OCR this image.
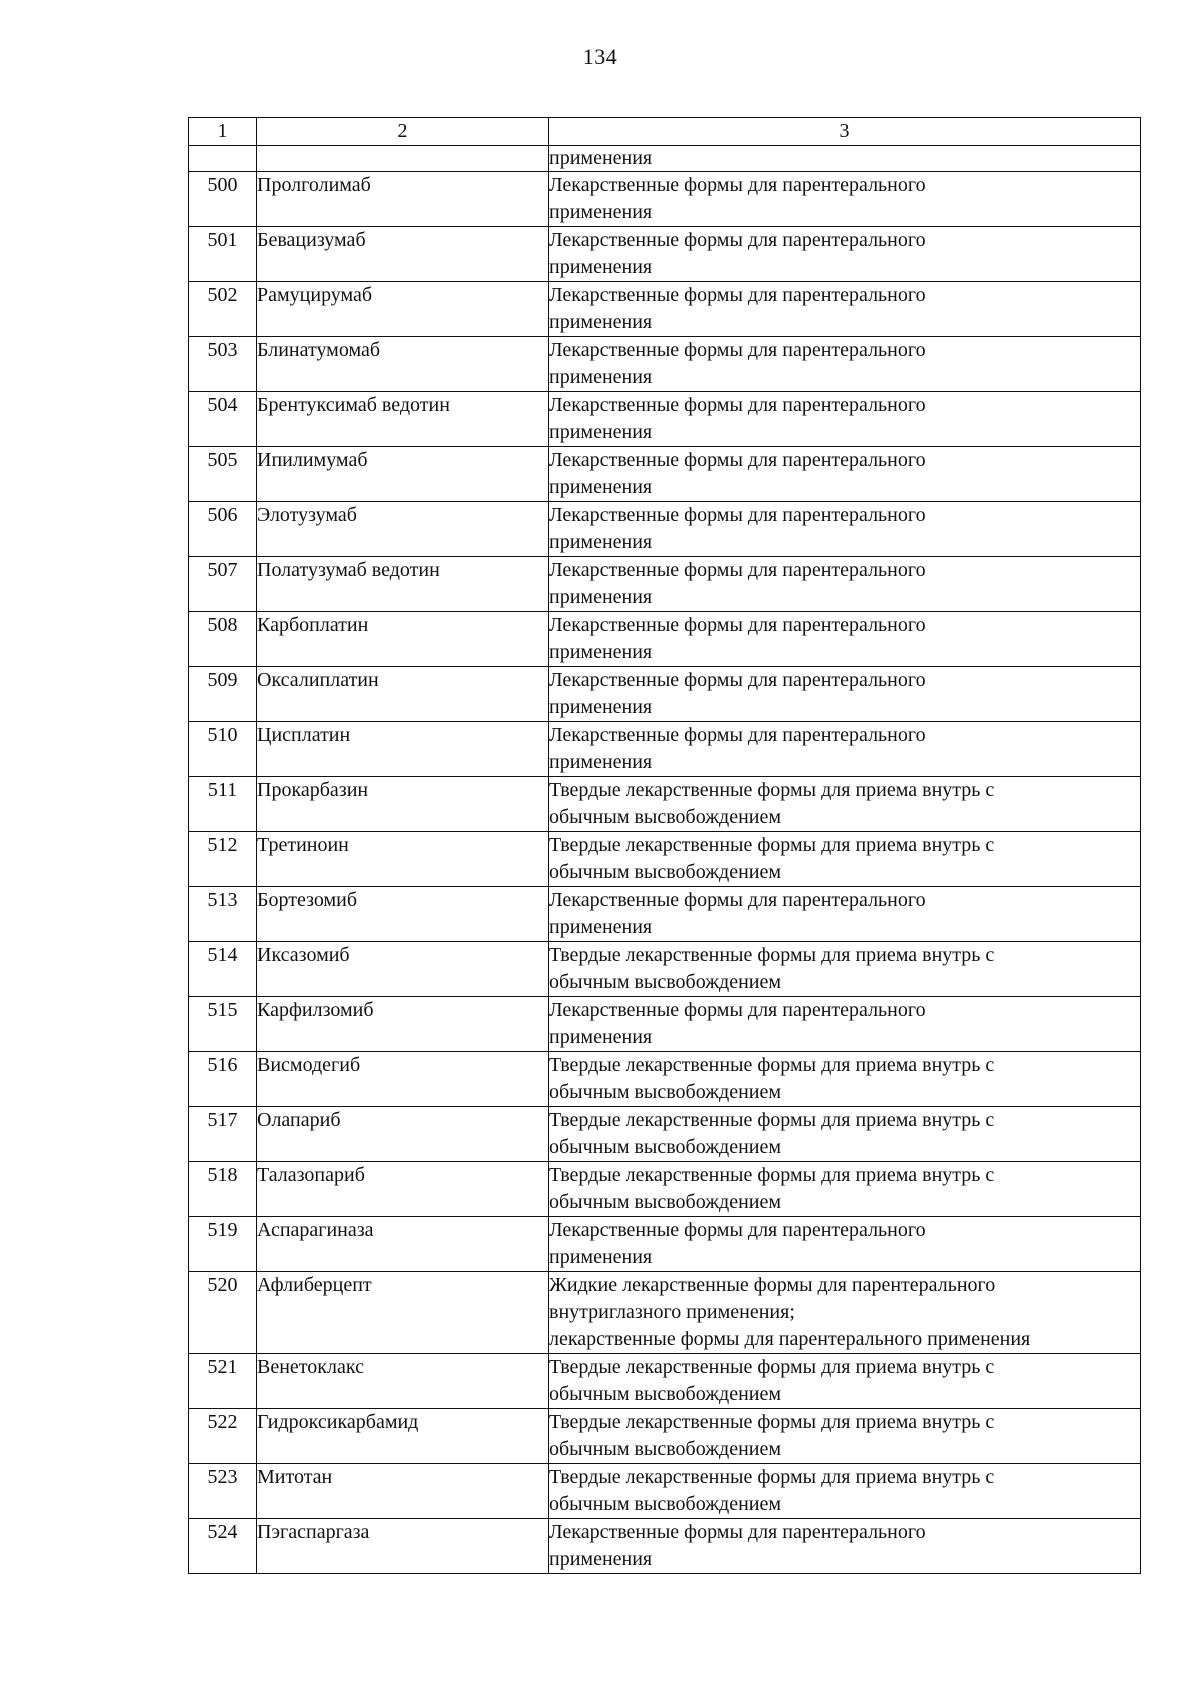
134
1	2	3
		применения
500	Пролголимаб	Лекарственные формы для парентерального
применения
501	Бевацизумаб	Лекарственные формы для парентерального
применения
502	Рамуцирумаб	Лекарственные формы для парентерального
применения
503	Блинатумомаб	Лекарственные формы для парентерального
применения
504	Брентуксимаб ведотин	Лекарственные формы для парентерального
применения
505	Ипилимумаб	Лекарственные формы для парентерального
применения
506	Элотузумаб	Лекарственные формы для парентерального
применения
507	Полатузумаб ведотин	Лекарственные формы для парентерального
применения
508	Карбоплатин	Лекарственные формы для парентерального
применения
509	Оксалиплатин	Лекарственные формы для парентерального
применения
510	Цисплатин	Лекарственные формы для парентерального
применения
511	Прокарбазин	Твердые лекарственные формы для приема внутрь с
обычным высвобождением
512	Третиноин	Твердые лекарственные формы для приема внутрь с
обычным высвобождением
513	Бортезомиб	Лекарственные формы для парентерального
применения
514	Иксазомиб	Твердые лекарственные формы для приема внутрь с
обычным высвобождением
515	Карфилзомиб	Лекарственные формы для парентерального
применения
516	Висмодегиб	Твердые лекарственные формы для приема внутрь с
обычным высвобождением
517	Олапариб	Твердые лекарственные формы для приема внутрь с
обычным высвобождением
518	Талазопариб	Твердые лекарственные формы для приема внутрь с
обычным высвобождением
519	Аспарагиназа	Лекарственные формы для парентерального
применения
520	Афлиберцепт	Жидкие лекарственные формы для парентерального
внутриглазного применения;
лекарственные формы для парентерального применения
521	Венетоклакс	Твердые лекарственные формы для приема внутрь с
обычным высвобождением
522	Гидроксикарбамид	Твердые лекарственные формы для приема внутрь с
обычным высвобождением
523	Митотан	Твердые лекарственные формы для приема внутрь с
обычным высвобождением
524	Пэгаспаргаза	Лекарственные формы для парентерального
применения
